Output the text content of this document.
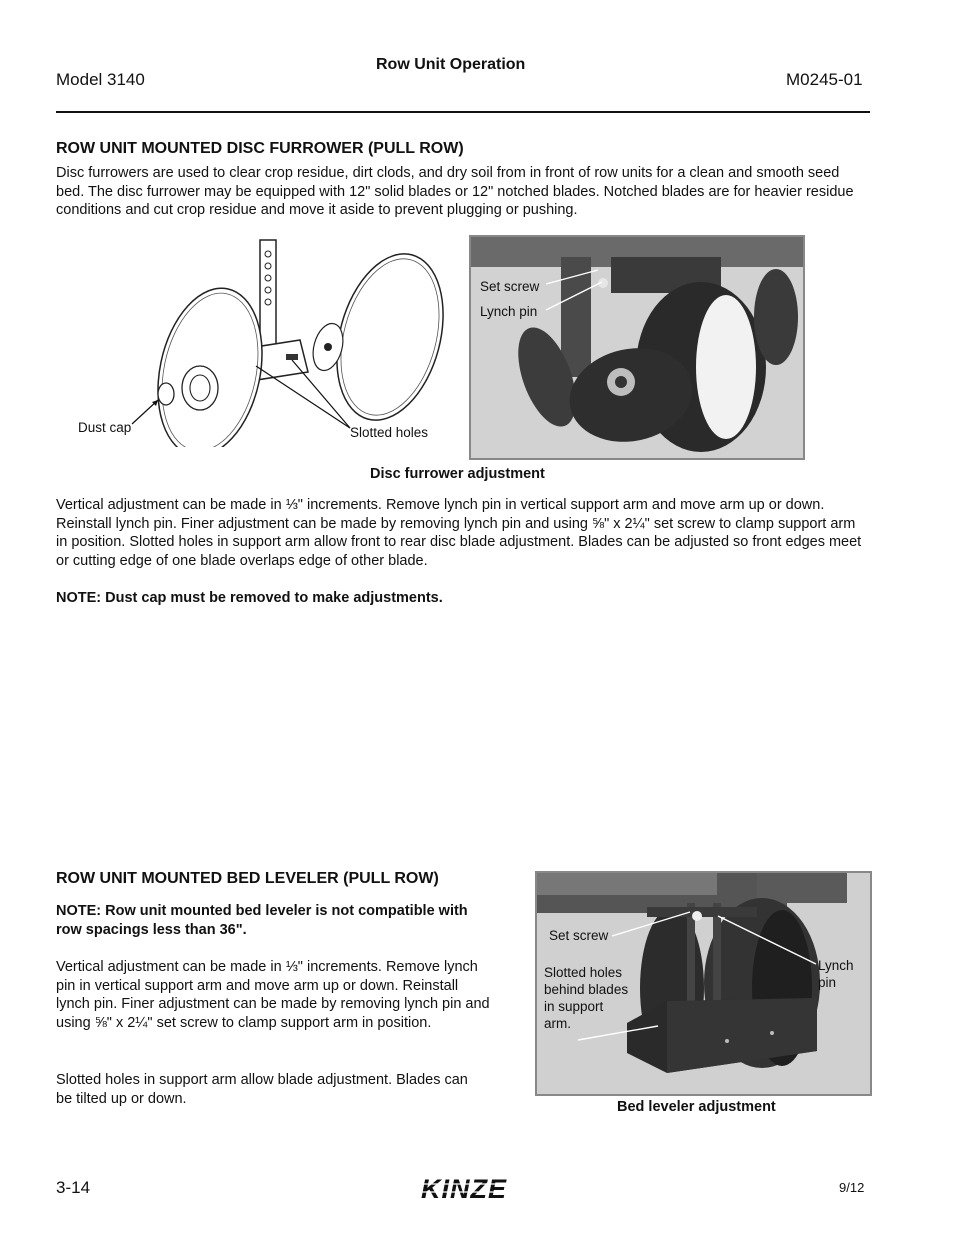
Model 3140
Row Unit Operation
M0245-01
ROW UNIT MOUNTED DISC FURROWER (PULL ROW)
Disc furrowers are used to clear crop residue, dirt clods, and dry soil from in front of row units for a clean and smooth seed bed. The disc furrower may be equipped with 12" solid blades or 12" notched blades. Notched blades are for heavier residue conditions and cut crop residue and move it aside to prevent plugging or pushing.
Dust cap	Slotted holes
Set screw
Lynch pin
Disc furrower adjustment
Vertical adjustment can be made in ⅓" increments. Remove lynch pin in vertical support arm and move arm up or down. Reinstall lynch pin. Finer adjustment can be made by removing lynch pin and using ⅝" x 2¼" set screw to clamp support arm in position. Slotted holes in support arm allow front to rear disc blade adjustment. Blades can be adjusted so front edges meet or cutting edge of one blade overlaps edge of other blade.
NOTE: Dust cap must be removed to make adjustments.
ROW UNIT MOUNTED BED LEVELER (PULL ROW)
NOTE: Row unit mounted bed leveler is not compatible with row spacings less than 36".
Vertical adjustment can be made in ⅓" increments. Remove lynch pin in vertical support arm and move arm up or down. Reinstall lynch pin. Finer adjustment can be made by removing lynch pin and using ⅝" x 2¼" set screw to clamp support arm in position.
Slotted holes in support arm allow blade adjustment. Blades can be tilted up or down.
Set screw
Slotted holes behind blades in support arm.
Lynch pin
Bed leveler adjustment
3-14	KINZE	9/12
